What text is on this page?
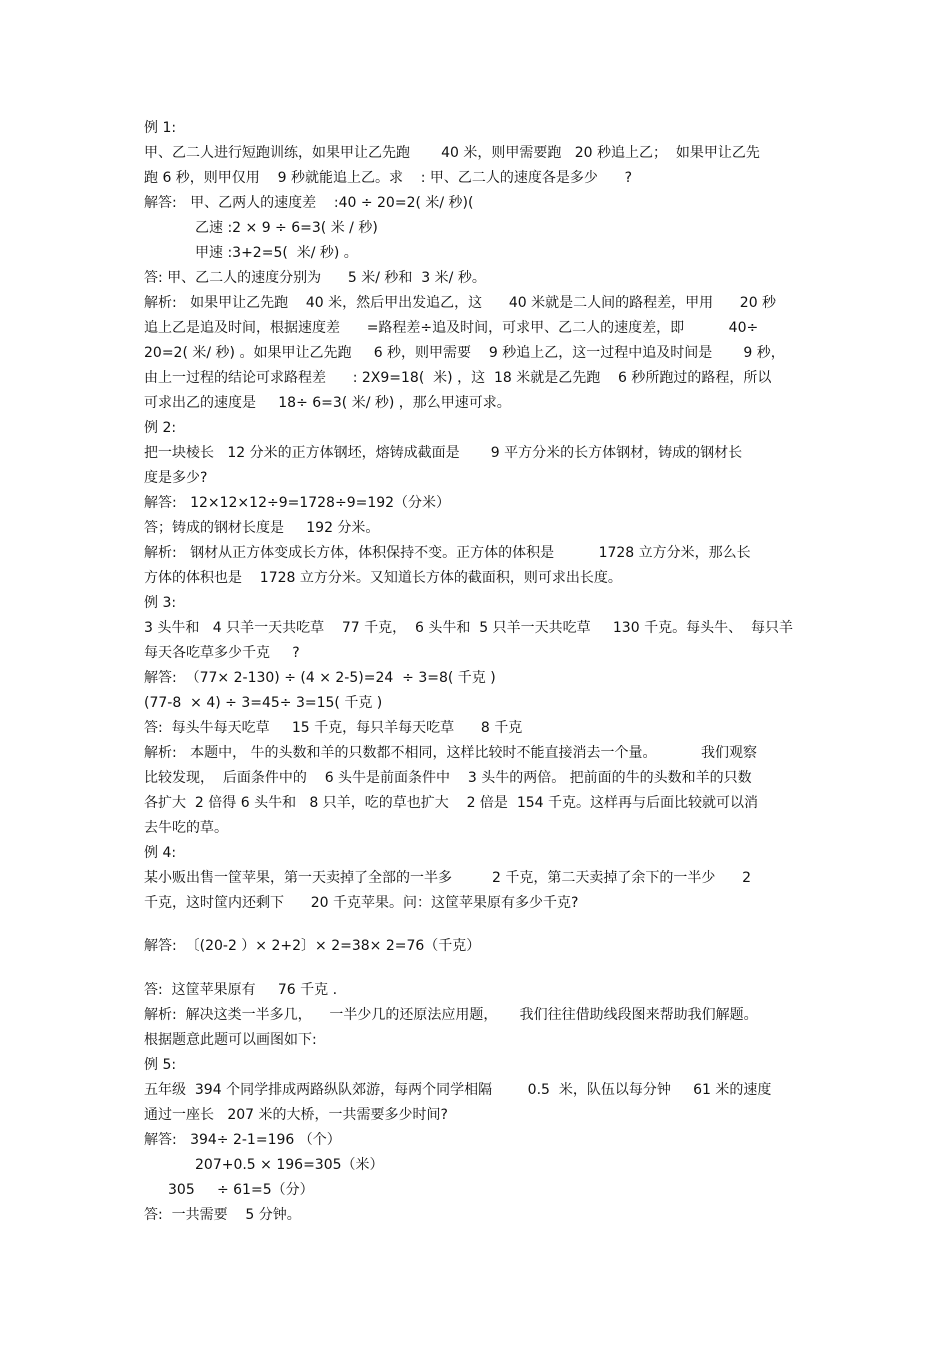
例 1:
甲、乙二人进行短跑训练，如果甲让乙先跑       40 米，则甲需要跑   20 秒追上乙；  如果甲让乙先
跑 6 秒，则甲仅用    9 秒就能追上乙。求    : 甲、乙二人的速度各是多少      ?
解答:   甲、乙两人的速度差    :40 ÷ 20=2( 米/ 秒)(
乙速 :2 × 9 ÷ 6=3( 米 / 秒)
甲速 :3+2=5(  米/ 秒) 。
答: 甲、乙二人的速度分别为      5 米/ 秒和  3 米/ 秒。
解析:   如果甲让乙先跑    40 米，然后甲出发追乙，这      40 米就是二人间的路程差，甲用      20 秒
追上乙是追及时间，根据速度差      =路程差÷追及时间，可求甲、乙二人的速度差，即          40÷
20=2( 米/ 秒) 。如果甲让乙先跑     6 秒，则甲需要    9 秒追上乙，这一过程中追及时间是       9 秒，
由上一过程的结论可求路程差      : 2X9=18(  米) ，这  18 米就是乙先跑    6 秒所跑过的路程，所以
可求出乙的速度是     18÷ 6=3( 米/ 秒) ，那么甲速可求。
例 2:
把一块棱长   12 分米的正方体钢坯，熔铸成截面是       9 平方分米的长方体钢材，铸成的钢材长
度是多少?
解答:   12×12×12÷9=1728÷9=192（分米）
答；铸成的钢材长度是     192 分米。
解析:   钢材从正方体变成长方体，体积保持不变。正方体的体积是          1728 立方分米，那么长
方体的体积也是    1728 立方分米。又知道长方体的截面积，则可求出长度。
例 3:
3 头牛和   4 只羊一天共吃草    77 千克，  6 头牛和  5 只羊一天共吃草     130 千克。每头牛、  每只羊
每天各吃草多少千克     ?
解答:  （77× 2-130) ÷ (4 × 2-5)=24  ÷ 3=8( 千克 )
(77-8  × 4) ÷ 3=45÷ 3=15( 千克 )
答:  每头牛每天吃草     15 千克，每只羊每天吃草      8 千克
解析:   本题中， 牛的头数和羊的只数都不相同，这样比较时不能直接消去一个量。          我们观察
比较发现，  后面条件中的    6 头牛是前面条件中    3 头牛的两倍。 把前面的牛的头数和羊的只数
各扩大  2 倍得 6 头牛和   8 只羊，吃的草也扩大    2 倍是  154 千克。这样再与后面比较就可以消
去牛吃的草。
例 4:
某小贩出售一筐苹果，第一天卖掉了全部的一半多         2 千克，第二天卖掉了余下的一半少      2
千克，这时筐内还剩下      20 千克苹果。问：这筐苹果原有多少千克?
解答:  〔(20-2 ）× 2+2〕× 2=38× 2=76（千克）
答:  这筐苹果原有     76 千克 .
解析:  解决这类一半多几，    一半少几的还原法应用题，     我们往往借助线段图来帮助我们解题。
根据题意此题可以画图如下:
例 5:
五年级  394 个同学排成两路纵队郊游，每两个同学相隔        0.5  米，队伍以每分钟     61 米的速度
通过一座长   207 米的大桥，一共需要多少时间?
解答:   394÷ 2-1=196 （个）
207+0.5 × 196=305（米）
305     ÷ 61=5（分）
答:  一共需要    5 分钟。
